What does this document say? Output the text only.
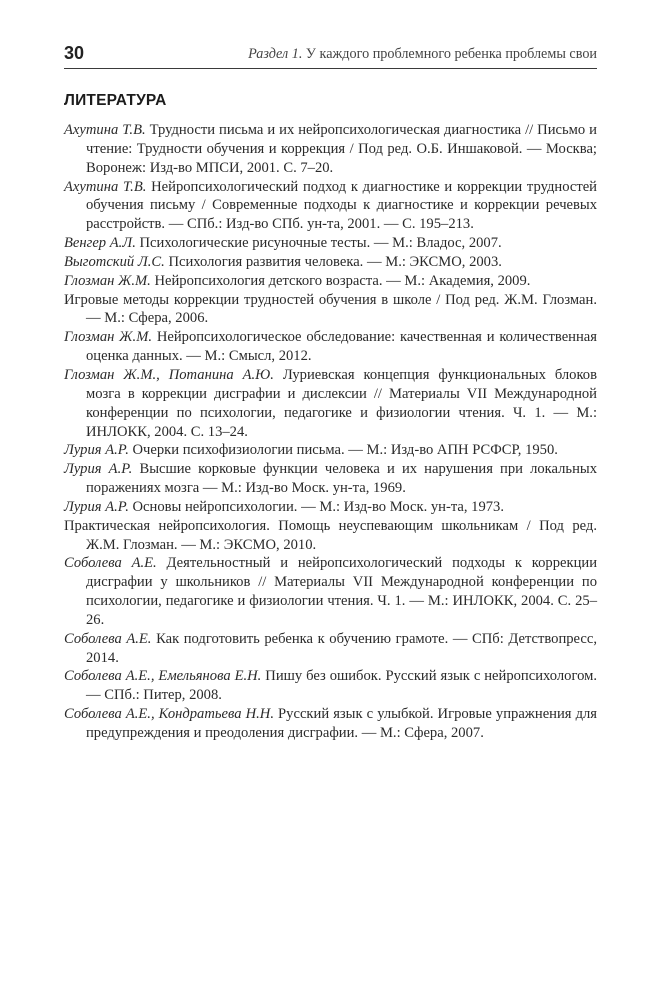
30	Раздел 1. У каждого проблемного ребенка проблемы свои
ЛИТЕРАТУРА
Ахутина Т.В. Трудности письма и их нейропсихологическая диагностика // Письмо и чтение: Трудности обучения и коррекция / Под ред. О.Б. Иншаковой. — Москва; Воронеж: Изд-во МПСИ, 2001. С. 7–20.
Ахутина Т.В. Нейропсихологический подход к диагностике и коррекции трудностей обучения письму / Современные подходы к диагностике и коррекции речевых расстройств. — СПб.: Изд-во СПб. ун-та, 2001. — С. 195–213.
Венгер А.Л. Психологические рисуночные тесты. — М.: Владос, 2007.
Выготский Л.С. Психология развития человека. — М.: ЭКСМО, 2003.
Глозман Ж.М. Нейропсихология детского возраста. — М.: Академия, 2009.
Игровые методы коррекции трудностей обучения в школе / Под ред. Ж.М. Глозман. — М.: Сфера, 2006.
Глозман Ж.М. Нейропсихологическое обследование: качественная и количественная оценка данных. — М.: Смысл, 2012.
Глозман Ж.М., Потанина А.Ю. Луриевская концепция функциональных блоков мозга в коррекции дисграфии и дислексии // Материалы VII Международной конференции по психологии, педагогике и физиологии чтения. Ч. 1. — М.: ИНЛОКК, 2004. С. 13–24.
Лурия А.Р. Очерки психофизиологии письма. — М.: Изд-во АПН РСФСР, 1950.
Лурия А.Р. Высшие корковые функции человека и их нарушения при локальных поражениях мозга — М.: Изд-во Моск. ун-та, 1969.
Лурия А.Р. Основы нейропсихологии. — М.: Изд-во Моск. ун-та, 1973.
Практическая нейропсихология. Помощь неуспевающим школьникам / Под ред. Ж.М. Глозман. — М.: ЭКСМО, 2010.
Соболева А.Е. Деятельностный и нейропсихологический подходы к коррекции дисграфии у школьников // Материалы VII Международной конференции по психологии, педагогике и физиологии чтения. Ч. 1. — М.: ИНЛОКК, 2004. С. 25–26.
Соболева А.Е. Как подготовить ребенка к обучению грамоте. — СПб: Детствопресс, 2014.
Соболева А.Е., Емельянова Е.Н. Пишу без ошибок. Русский язык с нейропсихологом. — СПб.: Питер, 2008.
Соболева А.Е., Кондратьева Н.Н. Русский язык с улыбкой. Игровые упражнения для предупреждения и преодоления дисграфии. — М.: Сфера, 2007.
